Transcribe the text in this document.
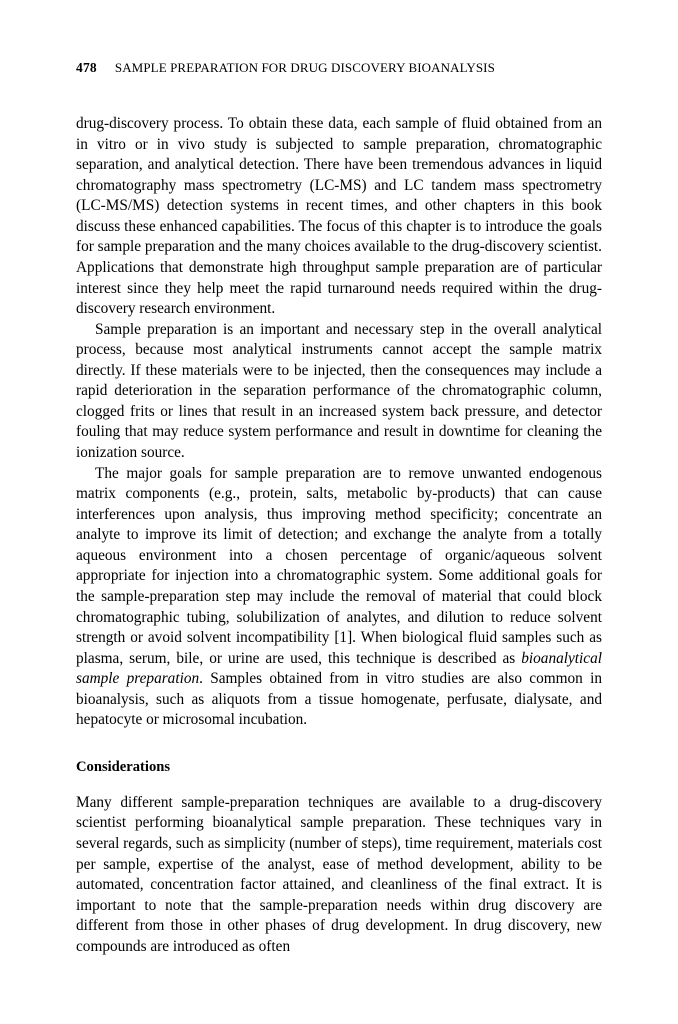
478 SAMPLE PREPARATION FOR DRUG DISCOVERY BIOANALYSIS

drug-discovery process. To obtain these data, each sample of fluid obtained from an in vitro or in vivo study is subjected to sample preparation, chromatographic separation, and analytical detection. There have been tremendous advances in liquid chromatography mass spectrometry (LC-MS) and LC tandem mass spectrometry (LC-MS/MS) detection systems in recent times, and other chapters in this book discuss these enhanced capabilities. The focus of this chapter is to introduce the goals for sample preparation and the many choices available to the drug-discovery scientist. Applications that demonstrate high throughput sample preparation are of particular interest since they help meet the rapid turnaround needs required within the drug-discovery research environment.

Sample preparation is an important and necessary step in the overall analytical process, because most analytical instruments cannot accept the sample matrix directly. If these materials were to be injected, then the consequences may include a rapid deterioration in the separation performance of the chromatographic column, clogged frits or lines that result in an increased system back pressure, and detector fouling that may reduce system performance and result in downtime for cleaning the ionization source.

The major goals for sample preparation are to remove unwanted endogenous matrix components (e.g., protein, salts, metabolic by-products) that can cause interferences upon analysis, thus improving method specificity; concentrate an analyte to improve its limit of detection; and exchange the analyte from a totally aqueous environment into a chosen percentage of organic/aqueous solvent appropriate for injection into a chromatographic system. Some additional goals for the sample-preparation step may include the removal of material that could block chromatographic tubing, solubilization of analytes, and dilution to reduce solvent strength or avoid solvent incompatibility [1]. When biological fluid samples such as plasma, serum, bile, or urine are used, this technique is described as bioanalytical sample preparation. Samples obtained from in vitro studies are also common in bioanalysis, such as aliquots from a tissue homogenate, perfusate, dialysate, and hepatocyte or microsomal incubation.

Considerations

Many different sample-preparation techniques are available to a drug-discovery scientist performing bioanalytical sample preparation. These techniques vary in several regards, such as simplicity (number of steps), time requirement, materials cost per sample, expertise of the analyst, ease of method development, ability to be automated, concentration factor attained, and cleanliness of the final extract. It is important to note that the sample-preparation needs within drug discovery are different from those in other phases of drug development. In drug discovery, new compounds are introduced as often
